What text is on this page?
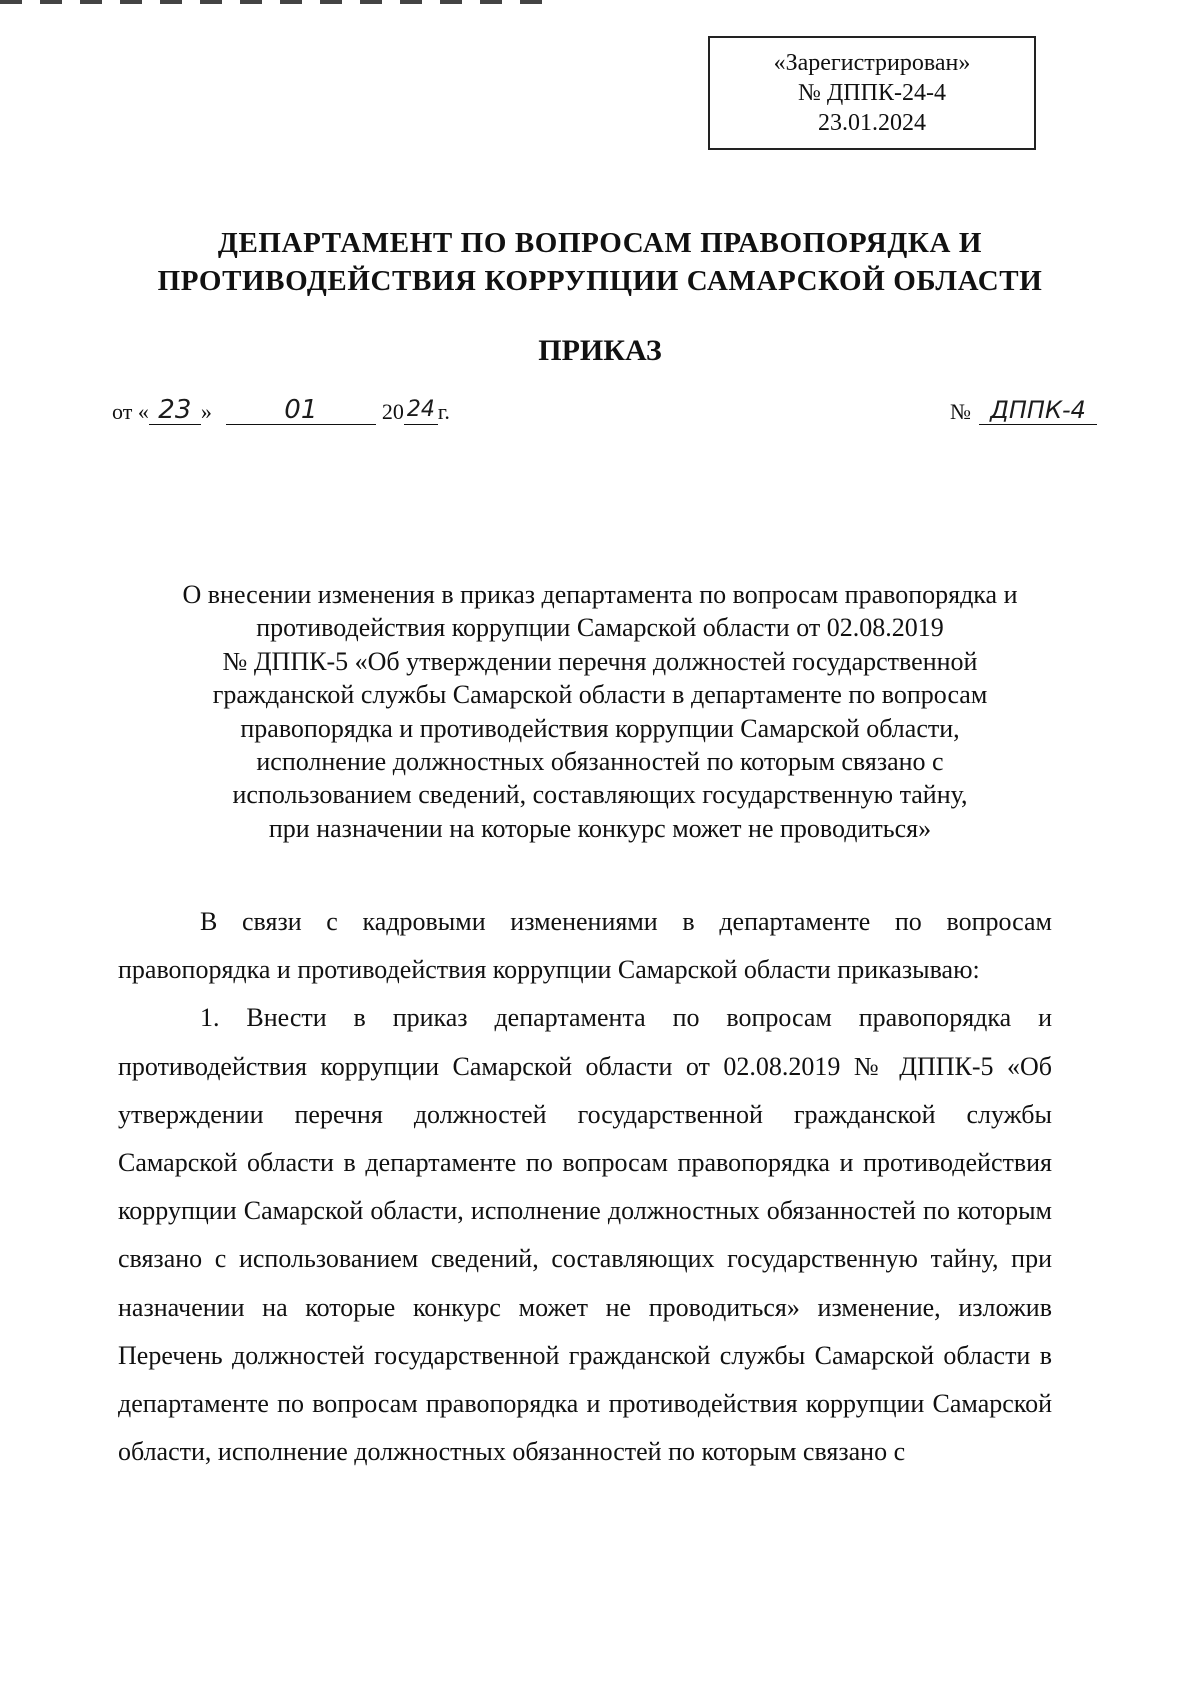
«Зарегистрирован»
№ ДППК-24-4
23.01.2024
ДЕПАРТАМЕНТ ПО ВОПРОСАМ ПРАВОПОРЯДКА И
ПРОТИВОДЕЙСТВИЯ КОРРУПЦИИ САМАРСКОЙ ОБЛАСТИ
ПРИКАЗ
от « 23 »	01	20 24 г.	№ ДППК-4
О внесении изменения в приказ департамента по вопросам правопорядка и
противодействия коррупции Самарской области от 02.08.2019
№ ДППК-5 «Об утверждении перечня должностей государственной
гражданской службы Самарской области в департаменте по вопросам
правопорядка и противодействия коррупции Самарской области,
исполнение должностных обязанностей по которым связано с
использованием сведений, составляющих государственную тайну,
при назначении на которые конкурс может не проводиться»

В связи с кадровыми изменениями в департаменте по вопросам правопорядка и противодействия коррупции Самарской области приказываю:

1. Внести в приказ департамента по вопросам правопорядка и противодействия коррупции Самарской области от 02.08.2019 № ДППК-5 «Об утверждении перечня должностей государственной гражданской службы Самарской области в департаменте по вопросам правопорядка и противодействия коррупции Самарской области, исполнение должностных обязанностей по которым связано с использованием сведений, составляющих государственную тайну, при назначении на которые конкурс может не проводиться» изменение, изложив Перечень должностей государственной гражданской службы Самарской области в департаменте по вопросам правопорядка и противодействия коррупции Самарской области, исполнение должностных обязанностей по которым связано с
